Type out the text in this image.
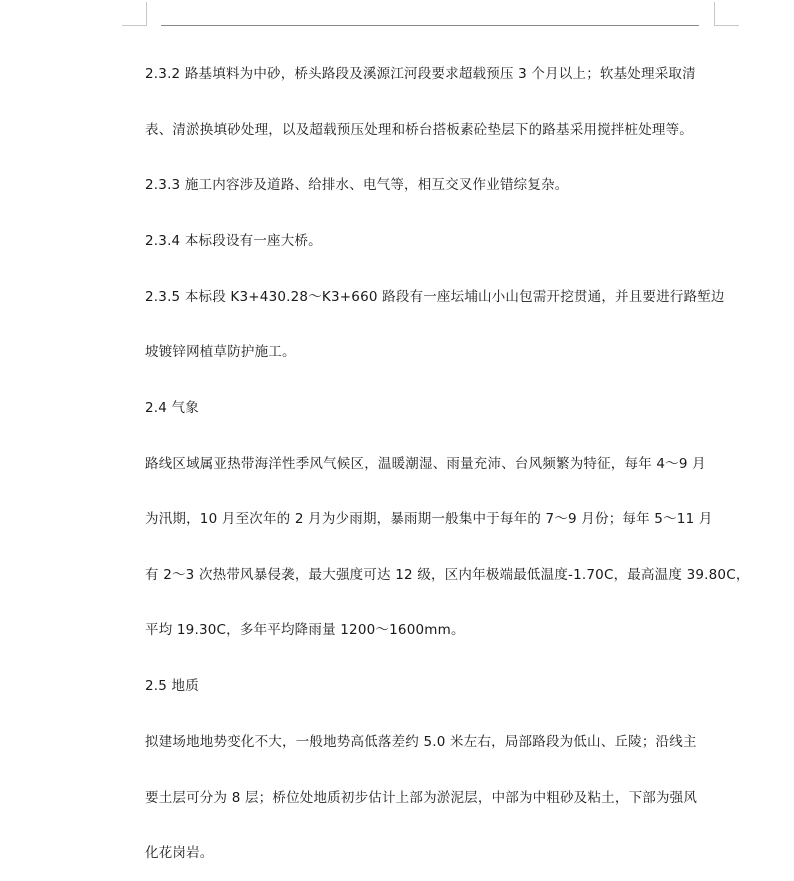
2.3.2 路基填料为中砂，桥头路段及溪源江河段要求超载预压 3 个月以上；软基处理采取清
表、清淤换填砂处理，以及超载预压处理和桥台搭板素砼垫层下的路基采用搅拌桩处理等。
2.3.3 施工内容涉及道路、给排水、电气等，相互交叉作业错综复杂。
2.3.4 本标段设有一座大桥。
2.3.5 本标段 K3+430.28～K3+660 路段有一座坛埔山小山包需开挖贯通，并且要进行路堑边
坡镀锌网植草防护施工。
2.4 气象
路线区域属亚热带海洋性季风气候区，温暖潮湿、雨量充沛、台风频繁为特征，每年 4～9 月
为汛期，10 月至次年的 2 月为少雨期，暴雨期一般集中于每年的 7～9 月份；每年 5～11 月
有 2～3 次热带风暴侵袭，最大强度可达 12 级，区内年极端最低温度-1.70C，最高温度 39.80C，
平均 19.30C，多年平均降雨量 1200～1600mm。
2.5 地质
拟建场地地势变化不大，一般地势高低落差约 5.0 米左右，局部路段为低山、丘陵；沿线主
要土层可分为 8 层；桥位处地质初步估计上部为淤泥层，中部为中粗砂及粘土，下部为强风
化花岗岩。
